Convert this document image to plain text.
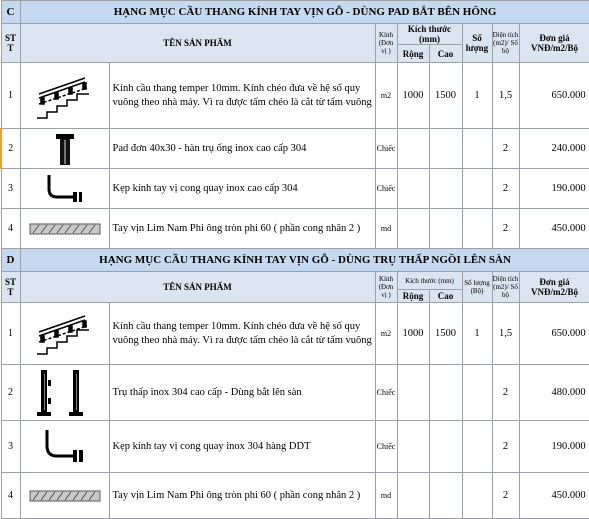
C	HẠNG MỤC CẦU THANG KÍNH TAY VỊN GỖ - DÙNG PAD BẮT BÊN HÔNG							
ST T	TÊN SẢN PHẨM		Kính (Đơn vị )	Kích thước (mm)		Số lượng	Diện tích (m2)/ Số bộ	Đơn giá VNĐ/m2/Bộ
				Rộng	Cao			
1		Kính cầu thang temper 10mm. Kính chéo đưa về hệ số quy vuông theo nhà máy. Vì ra được tấm chéo là cắt từ tấm vuông	m2	1000	1500	1	1,5	650.000
2		Pad đơn 40x30 - hàn trụ ống inox cao cấp 304	Chiếc				2	240.000
3		Kẹp kính tay vị cong quay inox cao cấp 304	Chiếc				2	190.000
4		Tay vịn Lim Nam Phi ông tròn phi 60 ( phần cong nhân 2 )	md				2	450.000
D	HẠNG MỤC CẦU THANG KÍNH TAY VỊN GỖ - DÙNG TRỤ THẤP NGỒI LÊN SÀN							
ST T	TÊN SẢN PHẨM		Kính (Đơn vị )	Kích thước (mm)		Số lượng (Bộ)	Diện tích (m2)/ Số bộ	Đơn giá VNĐ/m2/Bộ
				Rộng	Cao			
1		Kính cầu thang temper 10mm. Kính chéo đưa về hệ số quy vuông theo nhà máy. Vì ra được tấm chéo là cắt từ tấm vuông	m2	1000	1500	1	1,5	650.000
2		Trụ thấp inox 304 cao cấp - Dùng bắt lên sàn	Chiếc				2	480.000
3		Kẹp kính tay vị cong quay inox 304 hàng DDT	Chiếc				2	190.000
4		Tay vịn Lim Nam Phi ông tròn phi 60 ( phần cong nhân 2 )	md				2	450.000
